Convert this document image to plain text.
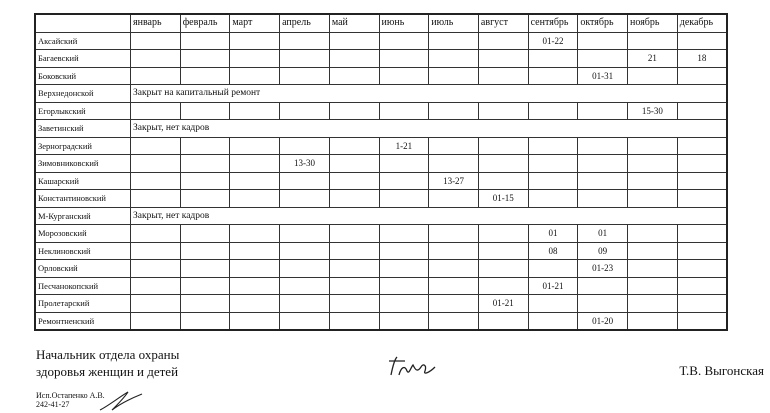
	январь	февраль	март	апрель	май	июнь	июль	август	сентябрь	октябрь	ноябрь	декабрь
Аксайский									01-22			
Багаевский											21	18
Боковский										01-31		
Верхнедонской	Закрыт на капитальный ремонт											
Егорлыкский											15-30	
Заветинский	Закрыт, нет кадров											
Зерноградский						1-21						
Зимовниковский				13-30								
Кашарский							13-27					
Константиновский								01-15				
М-Курганский	Закрыт, нет кадров											
Морозовский									01	01		
Неклиновский									08	09		
Орловский										01-23		
Песчанокопский									01-21			
Пролетарский								01-21				
Ремонтненский										01-20		
Начальник отдела охраны
здоровья женщин и детей	Т.В. Выгонская
Исп.Остапенко А.В.
242-41-27
